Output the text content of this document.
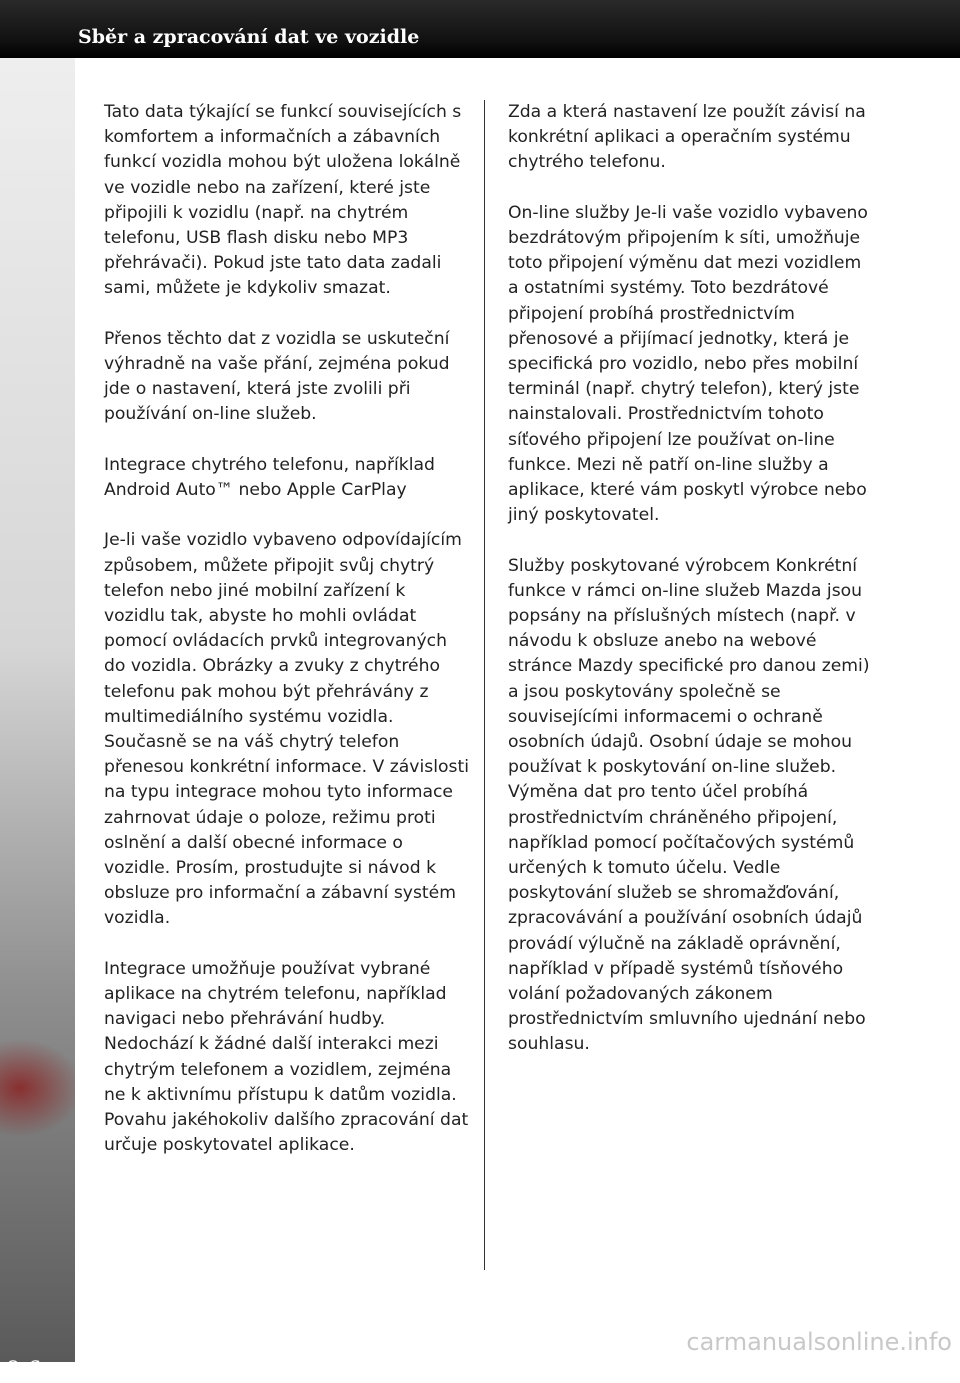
Sběr a zpracování dat ve vozidle
8-6

Tato data týkající se funkcí souvisejících s komfortem a informačních a zábavních funkcí vozidla mohou být uložena lokálně ve vozidle nebo na zařízení, které jste připojili k vozidlu (např. na chytrém telefonu, USB flash disku nebo MP3 přehrávači). Pokud jste tato data zadali sami, můžete je kdykoliv smazat.

Přenos těchto dat z vozidla se uskuteční výhradně na vaše přání, zejména pokud jde o nastavení, která jste zvolili při používání on-line služeb.

Integrace chytrého telefonu, například Android Auto™ nebo Apple CarPlay

Je-li vaše vozidlo vybaveno odpovídajícím způsobem, můžete připojit svůj chytrý telefon nebo jiné mobilní zařízení k vozidlu tak, abyste ho mohli ovládat pomocí ovládacích prvků integrovaných do vozidla. Obrázky a zvuky z chytrého telefonu pak mohou být přehrávány z multimediálního systému vozidla. Současně se na váš chytrý telefon přenesou konkrétní informace. V závislosti na typu integrace mohou tyto informace zahrnovat údaje o poloze, režimu proti oslnění a další obecné informace o vozidle. Prosím, prostudujte si návod k obsluze pro informační a zábavní systém vozidla.

Integrace umožňuje používat vybrané aplikace na chytrém telefonu, například navigaci nebo přehrávání hudby. Nedochází k žádné další interakci mezi chytrým telefonem a vozidlem, zejména ne k aktivnímu přístupu k datům vozidla. Povahu jakéhokoliv dalšího zpracování dat určuje poskytovatel aplikace.

Zda a která nastavení lze použít závisí na konkrétní aplikaci a operačním systému chytrého telefonu.

On-line služby Je-li vaše vozidlo vybaveno bezdrátovým připojením k síti, umožňuje toto připojení výměnu dat mezi vozidlem a ostatními systémy. Toto bezdrátové připojení probíhá prostřednictvím přenosové a přijímací jednotky, která je specifická pro vozidlo, nebo přes mobilní terminál (např. chytrý telefon), který jste nainstalovali. Prostřednictvím tohoto síťového připojení lze používat on-line funkce. Mezi ně patří on-line služby a aplikace, které vám poskytl výrobce nebo jiný poskytovatel.

Služby poskytované výrobcem Konkrétní funkce v rámci on-line služeb Mazda jsou popsány na příslušných místech (např. v návodu k obsluze anebo na webové stránce Mazdy specifické pro danou zemi) a jsou poskytovány společně se souvisejícími informacemi o ochraně osobních údajů. Osobní údaje se mohou používat k poskytování on-line služeb. Výměna dat pro tento účel probíhá prostřednictvím chráněného připojení, například pomocí počítačových systémů určených k tomuto účelu. Vedle poskytování služeb se shromažďování, zpracovávání a používání osobních údajů provádí výlučně na základě oprávnění, například v případě systémů tísňového volání požadovaných zákonem prostřednictvím smluvního ujednání nebo souhlasu.

carmanualsonline.info
